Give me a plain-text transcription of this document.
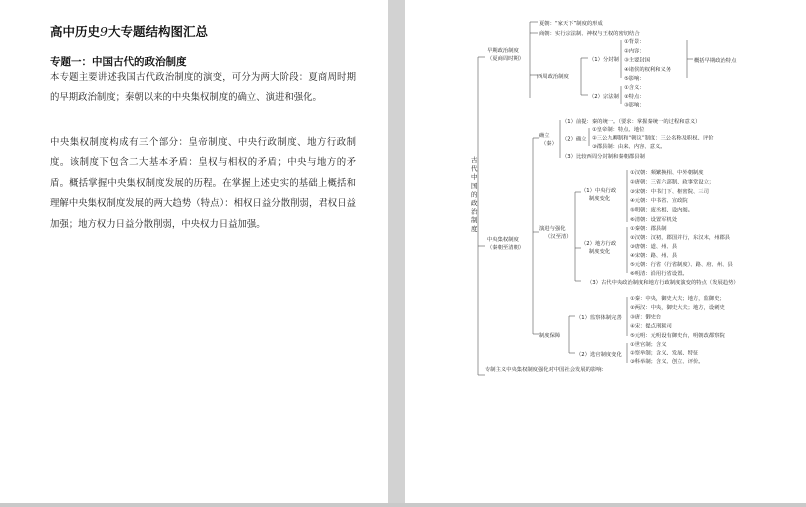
高中历史9大专题结构图汇总
专题一：中国古代的政治制度

本专题主要讲述我国古代政治制度的演变，可分为两大阶段：夏商周时期的早期政治制度；秦朝以来的中央集权制度的确立、演进和强化。

中央集权制度构成有三个部分：皇帝制度、中央行政制度、地方行政制度。该制度下包含二大基本矛盾：皇权与相权的矛盾；中央与地方的矛盾。概括掌握中央集权制度发展的历程。在掌握上述史实的基础上概括和理解中央集权制度发展的两大趋势（特点）：相权日益分散削弱，君权日益加强；地方权力日益分散削弱，中央权力日益加强。

古代中国的政治制度
早期政治制度
（夏商周时期）
夏朝：“家天下”制度的形成
商朝：实行宗法制、神权与王权的密切结合
西周政治制度
（1）分封制
（2）宗法制
①背景：
②内容：
③主要封国
④诸侯的权利和义务
⑤影响：
①含义：
②特点：
③影响：
概括早期政治特点
中央集权制度
（秦朝至清朝）
确立
（秦）
（1）前提：秦的统一。（要求：掌握秦统一的过程和意义）
（2）确立
（3）比较西周分封制和秦朝郡县制
①皇帝制：特点、地位
②三公九卿制和“朝议”制度：三公名称及职权、评价
③郡县制：由来、内容、意义。
演进与强化
（汉至清）
（1）中央行政
制度变化
①汉朝：频繁换相、中外朝制度
②唐朝：三省六部制、政事堂设立；
③宋朝：中书门下、枢密院、三司
④元朝：中书省、宣政院
⑤明朝：废丞相、设内阁。
⑥清朝：设置军机处
（2）地方行政
制度变化
①秦朝：郡县制
②汉朝：汉初，郡国并行，东汉末，州郡县
③唐朝：道、州、县
④宋朝：路、州、县
⑤元朝：行省（行省制度）、路、府、州、县
⑥明清：沿用行省设置。
（3）古代中央政治制度和地方行政制度演变的特点（发展趋势）
制度保障
（1）监察体制完善
（2）选官制度变化
①秦：中央，御史大夫；地方，监御史；
②两汉：中央，御史大夫；地方，设刺史
③唐：御史台
④宋：提点刑狱司
⑤元明：元明设有御史台，明朝改都察院
①世官制；含义
②察举制；含义、发展、特征
③科举制；含义、创立、评价。
专制主义中央集权制度强化对中国社会发展的影响：
